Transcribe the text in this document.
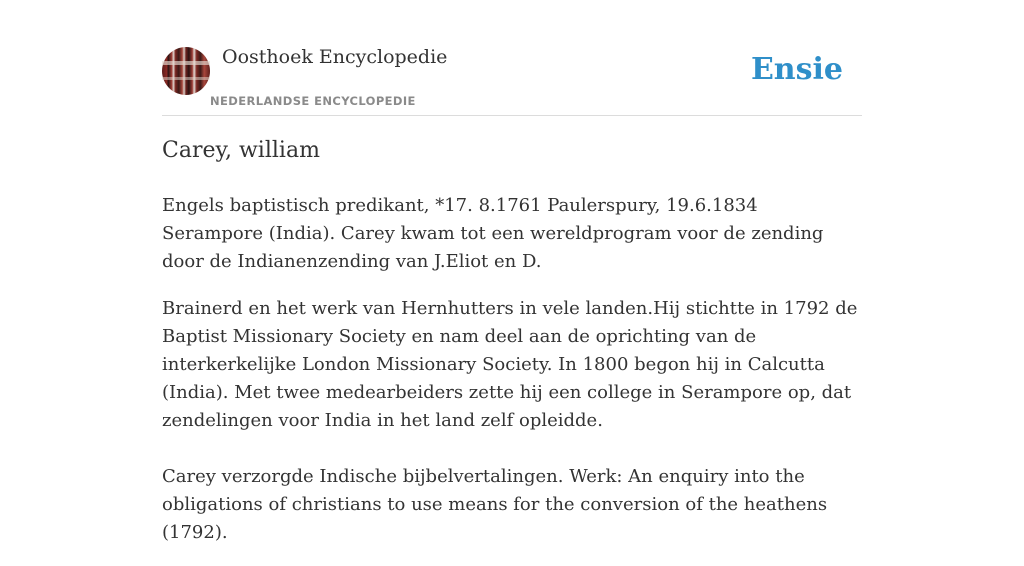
Oosthoek Encyclopedie
NEDERLANDSE ENCYCLOPEDIE
Ensie
Carey, william

Engels baptistisch predikant, *17. 8.1761 Paulerspury, 19.6.1834 Serampore (India). Carey kwam tot een wereldprogram voor de zending door de Indianenzending van J.Eliot en D.

Brainerd en het werk van Hernhutters in vele landen.Hij stichtte in 1792 de Baptist Missionary Society en nam deel aan de oprichting van de interkerkelijke London Missionary Society. In 1800 begon hij in Calcutta (India). Met twee medearbeiders zette hij een college in Serampore op, dat zendelingen voor India in het land zelf opleidde.

Carey verzorgde Indische bijbelvertalingen. Werk: An enquiry into the obligations of christians to use means for the conversion of the heathens (1792).
